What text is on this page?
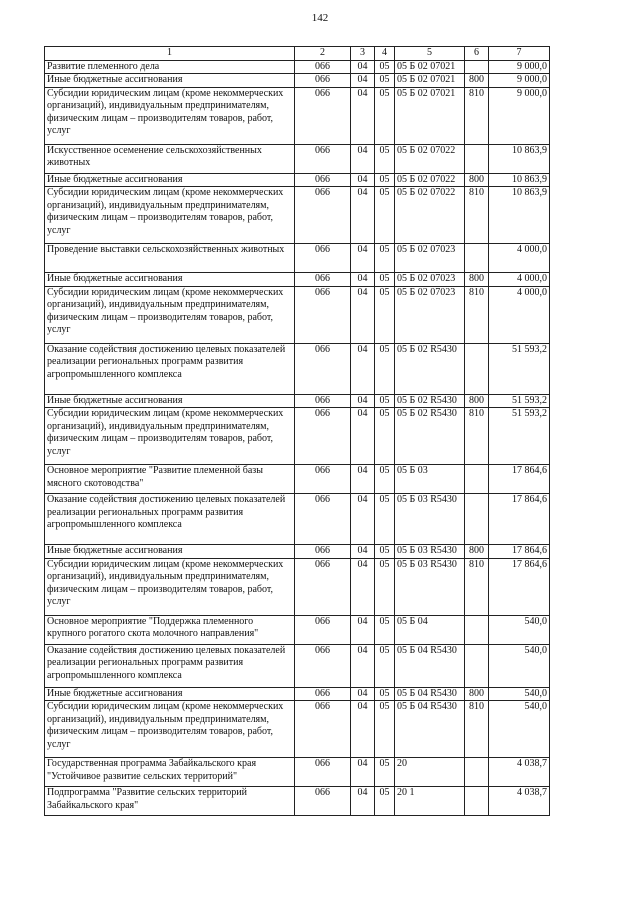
142
1	2	3	4	5	6	7
Развитие племенного дела	066	04	05	05 Б 02 07021		9 000,0
Иные бюджетные ассигнования	066	04	05	05 Б 02 07021	800	9 000,0
Субсидии юридическим лицам (кроме некоммерческих организаций), индивидуальным предпринимателям, физическим лицам – производителям товаров, работ, услуг	066	04	05	05 Б 02 07021	810	9 000,0
Искусственное осеменение сельскохозяйственных животных	066	04	05	05 Б 02 07022		10 863,9
Иные бюджетные ассигнования	066	04	05	05 Б 02 07022	800	10 863,9
Субсидии юридическим лицам (кроме некоммерческих организаций), индивидуальным предпринимателям, физическим лицам – производителям товаров, работ, услуг	066	04	05	05 Б 02 07022	810	10 863,9
Проведение выставки сельскохозяйственных животных	066	04	05	05 Б 02 07023		4 000,0
Иные бюджетные ассигнования	066	04	05	05 Б 02 07023	800	4 000,0
Субсидии юридическим лицам (кроме некоммерческих организаций), индивидуальным предпринимателям, физическим лицам – производителям товаров, работ, услуг	066	04	05	05 Б 02 07023	810	4 000,0
Оказание содействия достижению целевых показателей реализации региональных программ развития агропромышленного комплекса	066	04	05	05 Б 02 R5430		51 593,2
Иные бюджетные ассигнования	066	04	05	05 Б 02 R5430	800	51 593,2
Субсидии юридическим лицам (кроме некоммерческих организаций), индивидуальным предпринимателям, физическим лицам – производителям товаров, работ, услуг	066	04	05	05 Б 02 R5430	810	51 593,2
Основное мероприятие "Развитие племенной базы мясного скотоводства"	066	04	05	05 Б 03		17 864,6
Оказание содействия достижению целевых показателей реализации региональных программ развития агропромышленного комплекса	066	04	05	05 Б 03 R5430		17 864,6
Иные бюджетные ассигнования	066	04	05	05 Б 03 R5430	800	17 864,6
Субсидии юридическим лицам (кроме некоммерческих организаций), индивидуальным предпринимателям, физическим лицам – производителям товаров, работ, услуг	066	04	05	05 Б 03 R5430	810	17 864,6
Основное мероприятие "Поддержка племенного крупного рогатого скота молочного направления"	066	04	05	05 Б 04		540,0
Оказание содействия достижению целевых показателей реализации региональных программ развития агропромышленного комплекса	066	04	05	05 Б 04 R5430		540,0
Иные бюджетные ассигнования	066	04	05	05 Б 04 R5430	800	540,0
Субсидии юридическим лицам (кроме некоммерческих организаций), индивидуальным предпринимателям, физическим лицам – производителям товаров, работ, услуг	066	04	05	05 Б 04 R5430	810	540,0
Государственная программа Забайкальского края "Устойчивое развитие сельских территорий"	066	04	05	20		4 038,7
Подпрограмма "Развитие сельских территорий Забайкальского края"	066	04	05	20 1		4 038,7
